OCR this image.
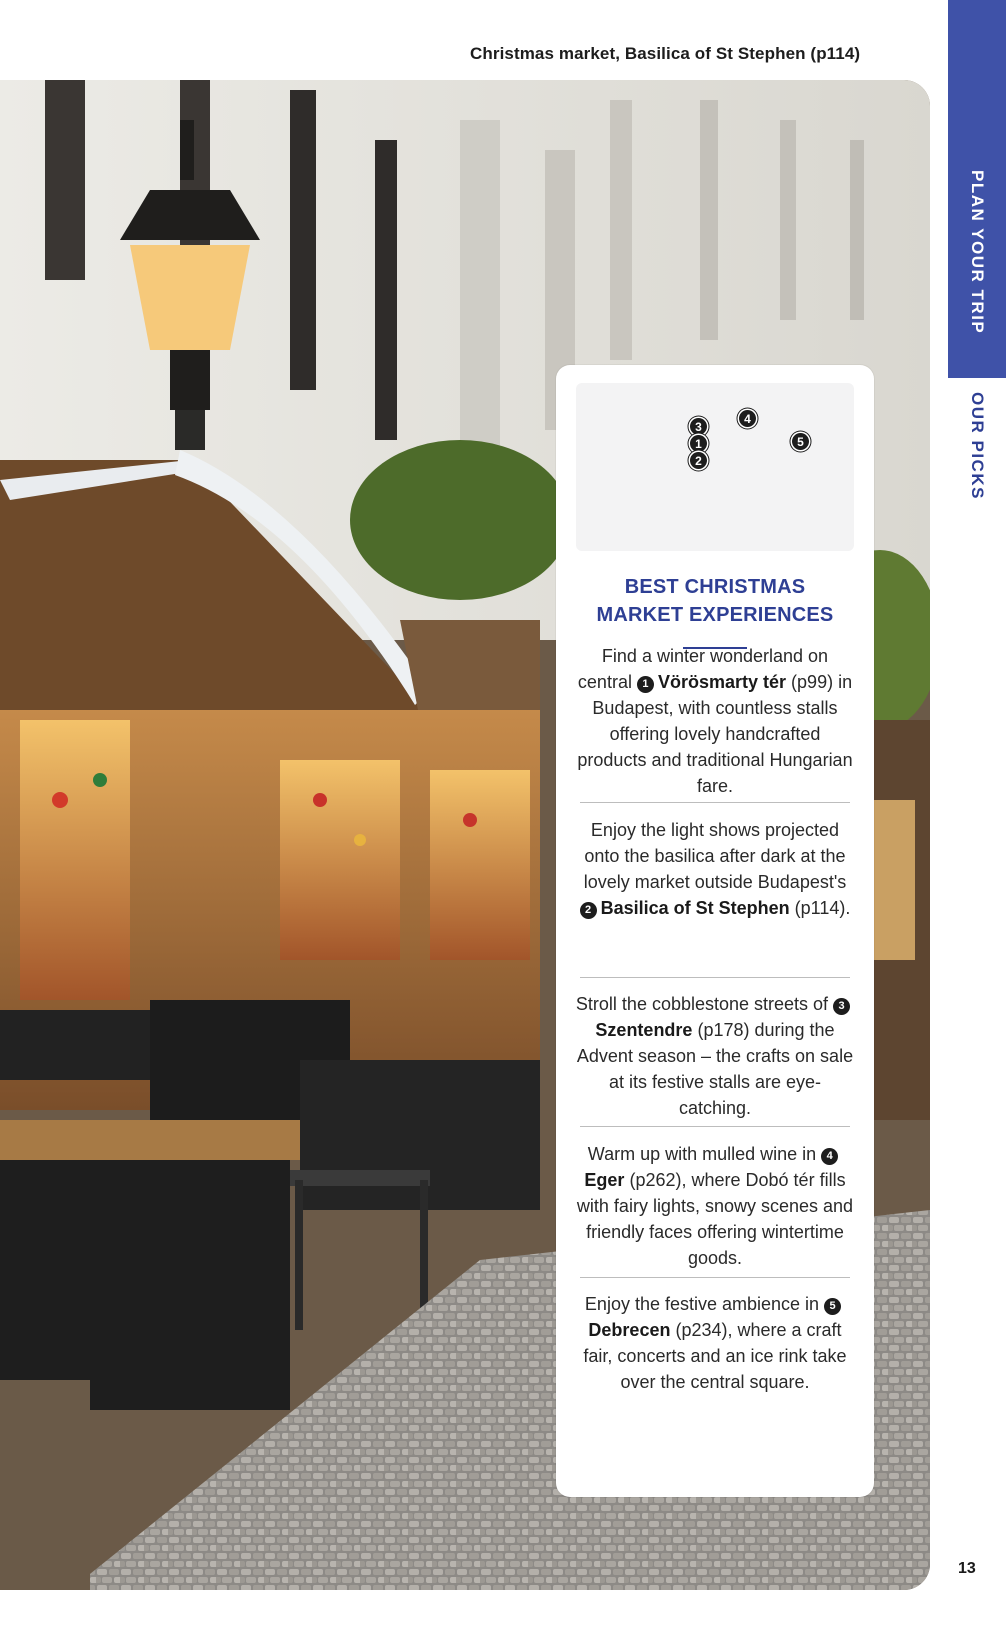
Christmas market, Basilica of St Stephen (p114)
PLAN YOUR TRIP
OUR PICKS
13
3
1
2
4
5
BEST CHRISTMAS
MARKET EXPERIENCES
Find a winter wonderland on central 1 Vörösmarty tér (p99) in Budapest, with countless stalls offering lovely handcrafted products and traditional Hungarian fare.
Enjoy the light shows projected onto the basilica after dark at the lovely market outside Budapest's 2 Basilica of St Stephen (p114).
Stroll the cobblestone streets of 3Szentendre (p178) during the Advent season – the crafts on sale at its festive stalls are eye-catching.
Warm up with mulled wine in 4Eger (p262), where Dobó tér fills with fairy lights, snowy scenes and friendly faces offering wintertime goods.
Enjoy the festive ambience in 5Debrecen (p234), where a craft fair, concerts and an ice rink take over the central square.
